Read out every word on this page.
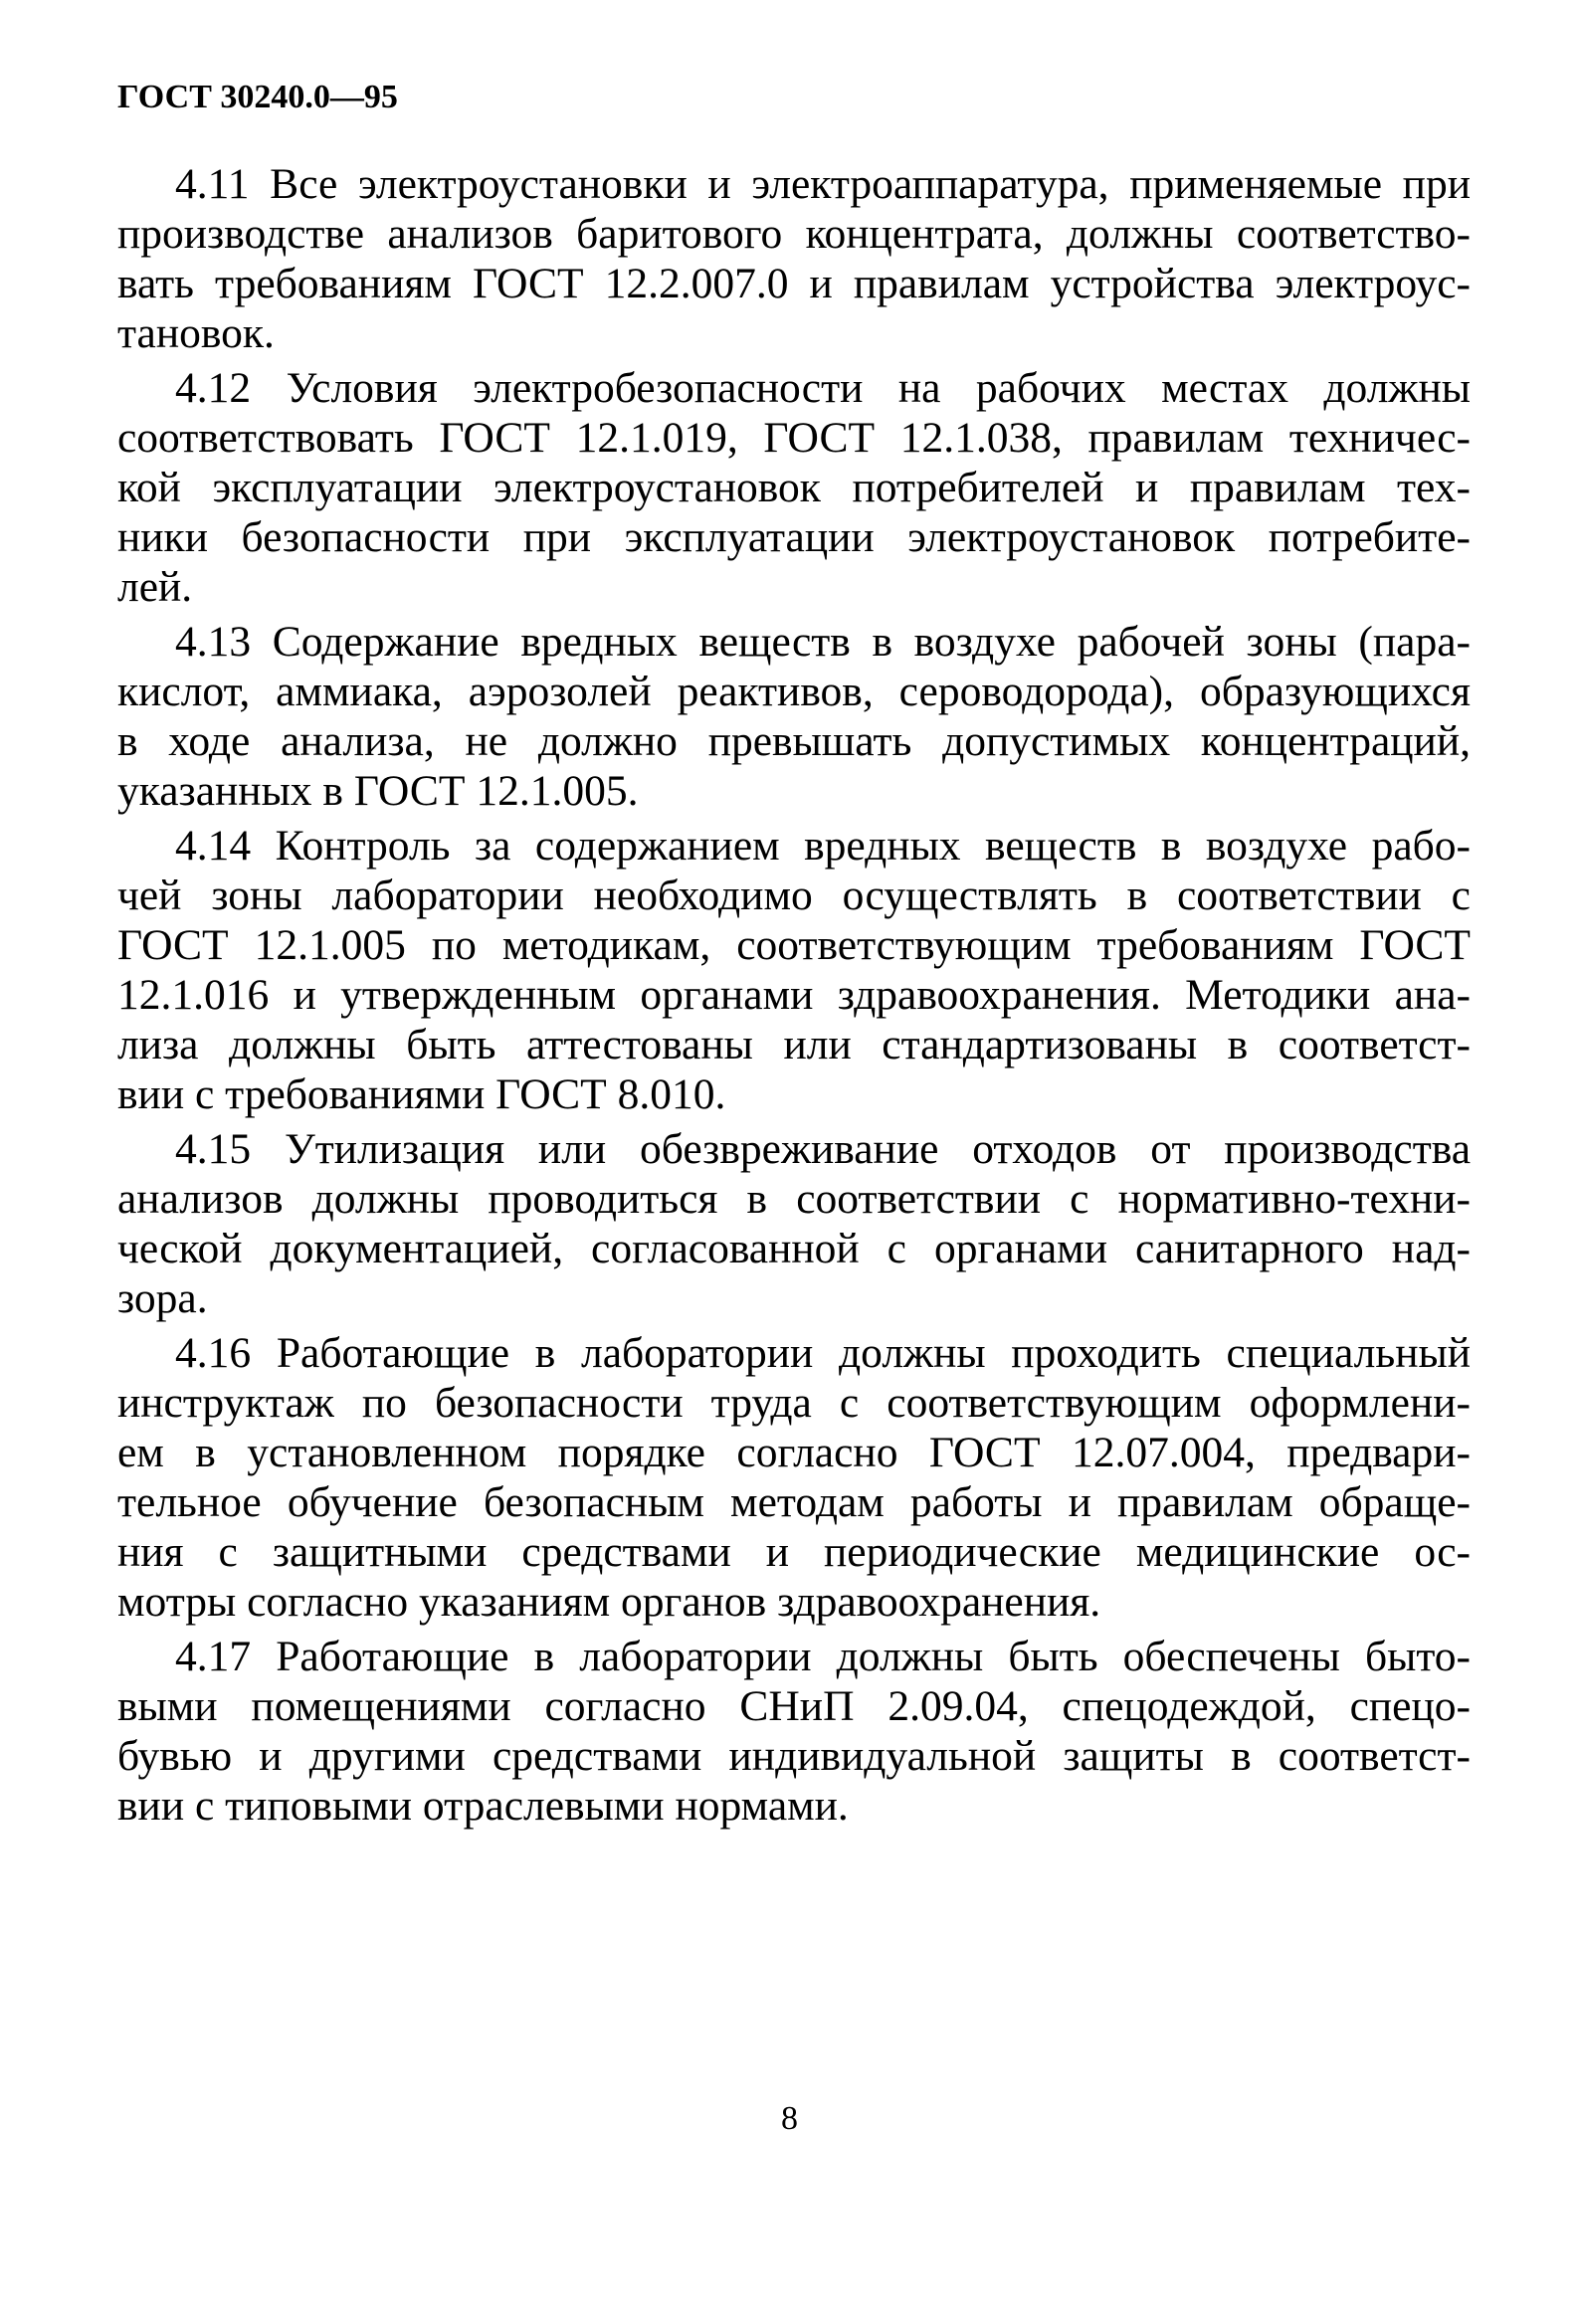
ГОСТ 30240.0—95
4.11 Все электроустановки и электроаппаратура, применяемые при
производстве анализов баритового концентрата, должны соответство-
вать требованиям ГОСТ 12.2.007.0 и правилам устройства электроус-
тановок.
4.12 Условия электробезопасности на рабочих местах должны
соответствовать ГОСТ 12.1.019, ГОСТ 12.1.038, правилам техничес-
кой эксплуатации электроустановок потребителей и правилам тех-
ники безопасности при эксплуатации электроустановок потребите-
лей.
4.13 Содержание вредных веществ в воздухе рабочей зоны (пара-
кислот, аммиака, аэрозолей реактивов, сероводорода), образующихся
в ходе анализа, не должно превышать допустимых концентраций,
указанных в ГОСТ 12.1.005.
4.14 Контроль за содержанием вредных веществ в воздухе рабо-
чей зоны лаборатории необходимо осуществлять в соответствии с
ГОСТ 12.1.005 по методикам, соответствующим требованиям ГОСТ
12.1.016 и утвержденным органами здравоохранения. Методики ана-
лиза должны быть аттестованы или стандартизованы в соответст-
вии с требованиями ГОСТ 8.010.
4.15 Утилизация или обезвреживание отходов от производства
анализов должны проводиться в соответствии с нормативно-техни-
ческой документацией, согласованной с органами санитарного над-
зора.
4.16 Работающие в лаборатории должны проходить специальный
инструктаж по безопасности труда с соответствующим оформлени-
ем в установленном порядке согласно ГОСТ 12.07.004, предвари-
тельное обучение безопасным методам работы и правилам обраще-
ния с защитными средствами и периодические медицинские ос-
мотры согласно указаниям органов здравоохранения.
4.17 Работающие в лаборатории должны быть обеспечены быто-
выми помещениями согласно СНиП 2.09.04, спецодеждой, спецо-
бувью и другими средствами индивидуальной защиты в соответст-
вии с типовыми отраслевыми нормами.
8
